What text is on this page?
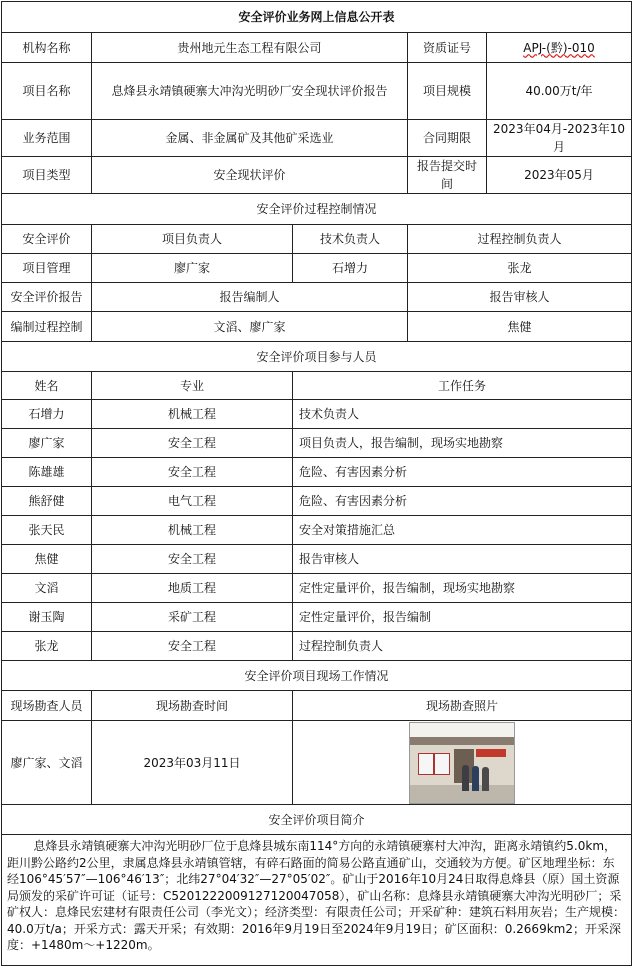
安全评价业务网上信息公开表				
机构名称	贵州地元生态工程有限公司		资质证号	APJ-(黔)-010
项目名称	息烽县永靖镇硬寨大冲沟光明砂厂安全现状评价报告		项目规模	40.00万t/年
业务范围	金属、非金属矿及其他矿采选业		合同期限	2023年04月-2023年10月
项目类型	安全现状评价		报告提交时间	2023年05月
安全评价过程控制情况				
安全评价	项目负责人	技术负责人	过程控制负责人	
项目管理	廖广家	石增力	张龙	
安全评价报告	报告编制人		报告审核人	
编制过程控制	文滔、廖广家		焦健	
安全评价项目参与人员				
姓名	专业	工作任务		
石增力	机械工程	技术负责人		
廖广家	安全工程	项目负责人，报告编制，现场实地勘察		
陈雄雄	安全工程	危险、有害因素分析		
熊舒健	电气工程	危险、有害因素分析		
张天民	机械工程	安全对策措施汇总		
焦健	安全工程	报告审核人		
文滔	地质工程	定性定量评价，报告编制，现场实地勘察		
谢玉陶	采矿工程	定性定量评价，报告编制		
张龙	安全工程	过程控制负责人		
安全评价项目现场工作情况				
现场勘查人员	现场勘查时间	现场勘查照片		
廖广家、文滔	2023年03月11日			

安全评价项目简介				
息烽县永靖镇硬寨大冲沟光明砂厂位于息烽县城东南114°方向的永靖镇硬寨村大冲沟，距离永靖镇约5.0km，距川黔公路约2公里，隶属息烽县永靖镇管辖，有碎石路面的简易公路直通矿山，交通较为方便。矿区地理坐标：东经106°45′57″—106°46′13″；北纬27°04′32″—27°05′02″。矿山于2016年10月24日取得息烽县（原）国土资源局颁发的采矿许可证（证号：C5201222009127120047058），矿山名称：息烽县永靖镇硬寨大冲沟光明砂厂；采矿权人：息烽民宏建材有限责任公司（李光文）；经济类型：有限责任公司；开采矿种：建筑石料用灰岩；生产规模：40.0万t/a；开采方式：露天开采；有效期：2016年9月19日至2024年9月19日；矿区面积：0.2669km2；开采深度：+1480m～+1220m。				
